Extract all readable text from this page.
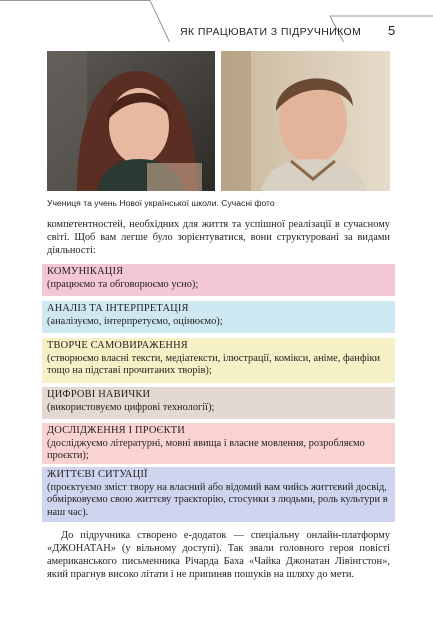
ЯК ПРАЦЮВАТИ З ПІДРУЧНИКОМ 5
Учениця та учень Нової української школи. Сучасні фото
компетентностей, необхідних для життя та успішної реалізації в сучасному світі. Щоб вам легше було зорієнтуватися, вони структуровані за видами діяльності:
КОМУНІКАЦІЯ
(працюємо та обговорюємо усно);
АНАЛІЗ ТА ІНТЕРПРЕТАЦІЯ
(аналізуємо, інтерпретуємо, оцінюємо);
ТВОРЧЕ САМОВИРАЖЕННЯ
(створюємо власні тексти, медіатексти, ілюстрації, комікси, аніме, фанфіки тощо на підставі прочитаних творів);
ЦИФРОВІ НАВИЧКИ
(використовуємо цифрові технології);
ДОСЛІДЖЕННЯ І ПРОЄКТИ
(досліджуємо літературні, мовні явища і власне мовлення, розробляємо проєкти);
ЖИТТЄВІ СИТУАЦІЇ
(проєктуємо зміст твору на власний або відомий вам чийсь життєвий досвід, обмірковуємо свою життєву траєкторію, стосунки з людьми, роль культури в наш час).
До підручника створено е-додаток — спеціальну онлайн-платформу «ДЖОНАТАН» (у вільному доступі). Так звали головного героя повісті американського письменника Річарда Баха «Чайка Джонатан Лівінгстон», який прагнув високо літати і не припиняв пошуків на шляху до мети.
